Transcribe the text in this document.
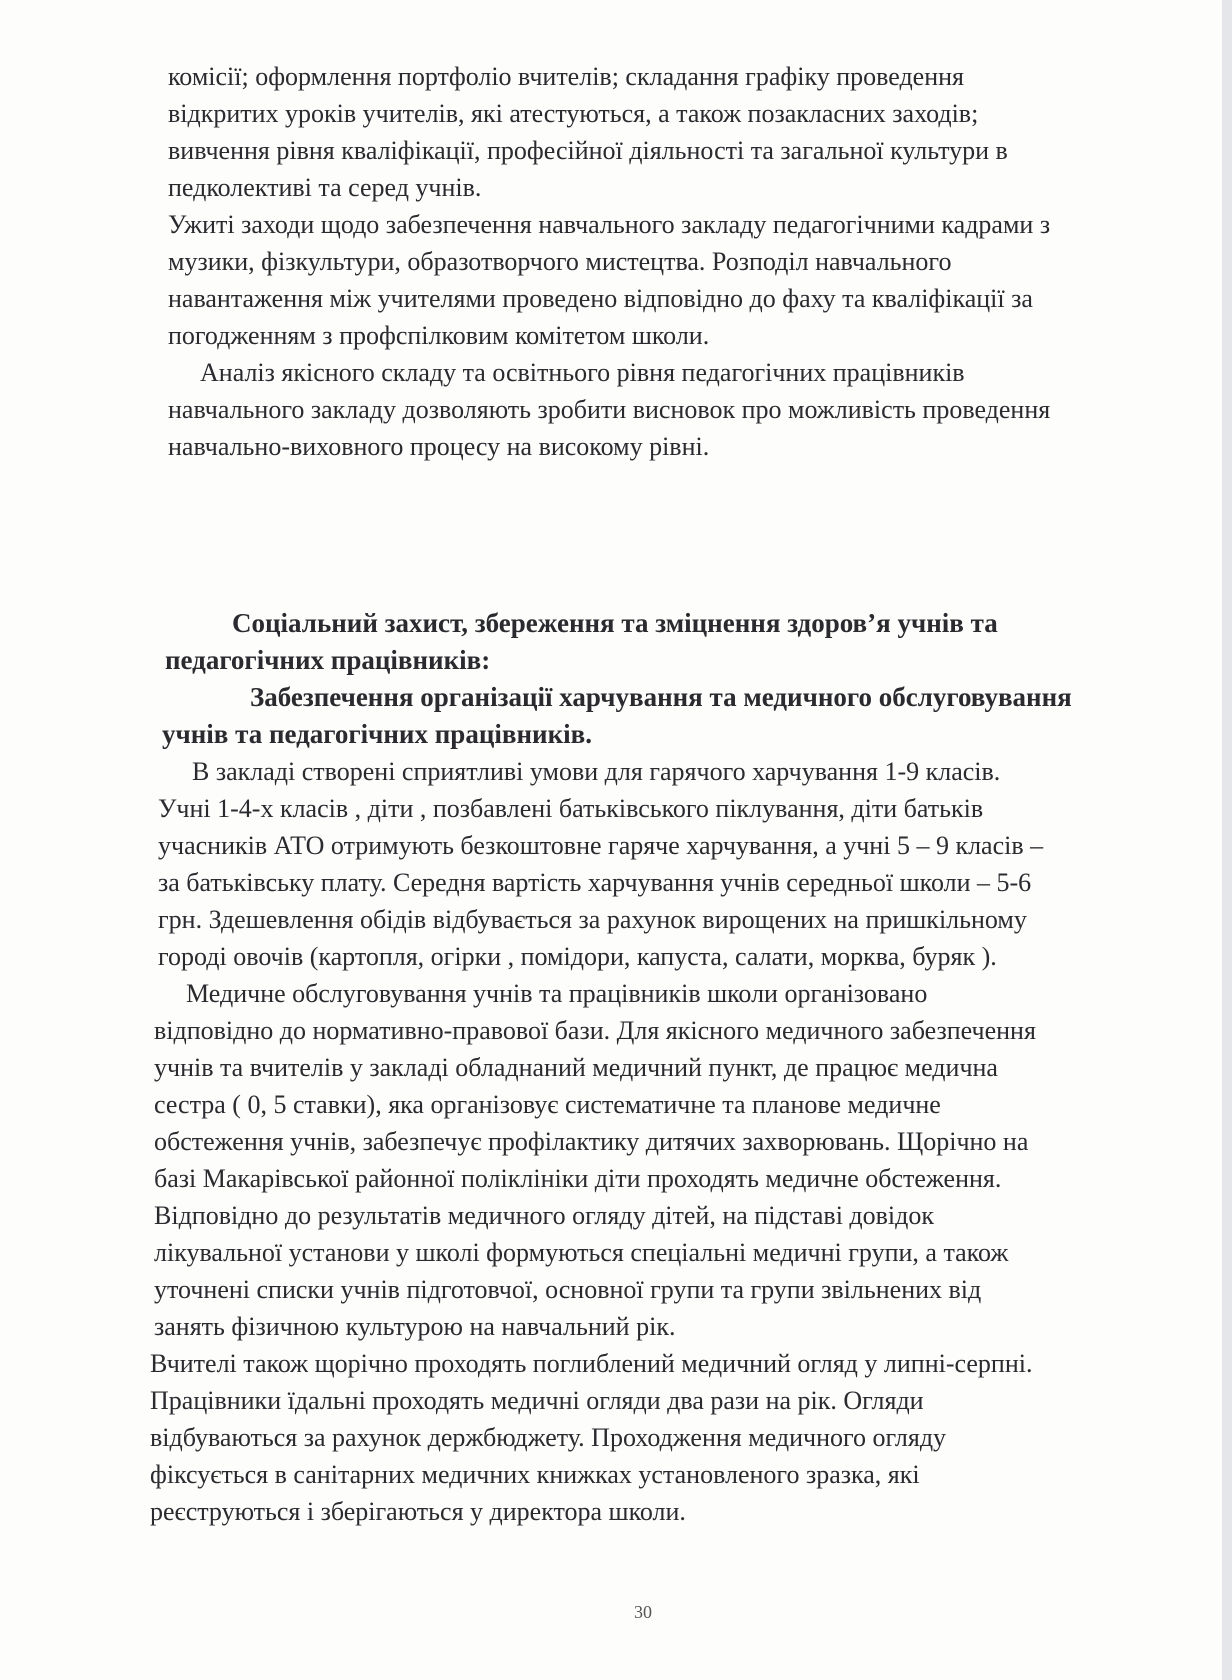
комісії; оформлення портфоліо вчителів; складання графіку проведення
відкритих уроків учителів, які атестуються, а також позакласних заходів;
вивчення рівня кваліфікації, професійної діяльності та загальної культури в
педколективі та серед учнів.
Ужиті заходи щодо забезпечення навчального закладу педагогічними кадрами з
музики, фізкультури, образотворчого мистецтва. Розподіл навчального
навантаження між учителями проведено відповідно до фаху та кваліфікації за
погодженням з профспілковим комітетом школи.
Аналіз якісного складу та освітнього рівня педагогічних працівників
навчального закладу дозволяють зробити висновок про можливість проведення
навчально-виховного процесу на високому рівні.
Соціальний захист, збереження та зміцнення здоров’я учнів та
педагогічних працівників:
Забезпечення організації харчування та медичного обслуговування
учнів та педагогічних працівників.
В закладі створені сприятливі умови для гарячого харчування 1-9 класів.
Учні 1-4-х класів , діти , позбавлені батьківського піклування, діти батьків
учасників АТО отримують безкоштовне гаряче харчування, а учні 5 – 9 класів –
за батьківську плату. Середня вартість харчування учнів середньої школи – 5-6
грн. Здешевлення обідів відбувається за рахунок вирощених на пришкільному
городі овочів (картопля, огірки , помідори, капуста, салати, морква, буряк ).
Медичне обслуговування учнів та працівників школи організовано
відповідно до нормативно-правової бази. Для якісного медичного забезпечення
учнів та вчителів у закладі обладнаний медичний пункт, де працює медична
сестра ( 0, 5 ставки), яка організовує систематичне та планове медичне
обстеження учнів, забезпечує профілактику дитячих захворювань. Щорічно на
базі Макарівської районної поліклініки діти проходять медичне обстеження.
Відповідно до результатів медичного огляду дітей, на підставі довідок
лікувальної установи у школі формуються спеціальні медичні групи, а також
уточнені списки учнів підготовчої, основної групи та групи звільнених від
занять фізичною культурою на навчальний рік.
Вчителі також щорічно проходять поглиблений медичний огляд у липні-серпні.
Працівники їдальні проходять медичні огляди два рази на рік. Огляди
відбуваються за рахунок держбюджету. Проходження медичного огляду
фіксується в санітарних медичних книжках установленого зразка, які
реєструються і зберігаються у директора школи.
30
